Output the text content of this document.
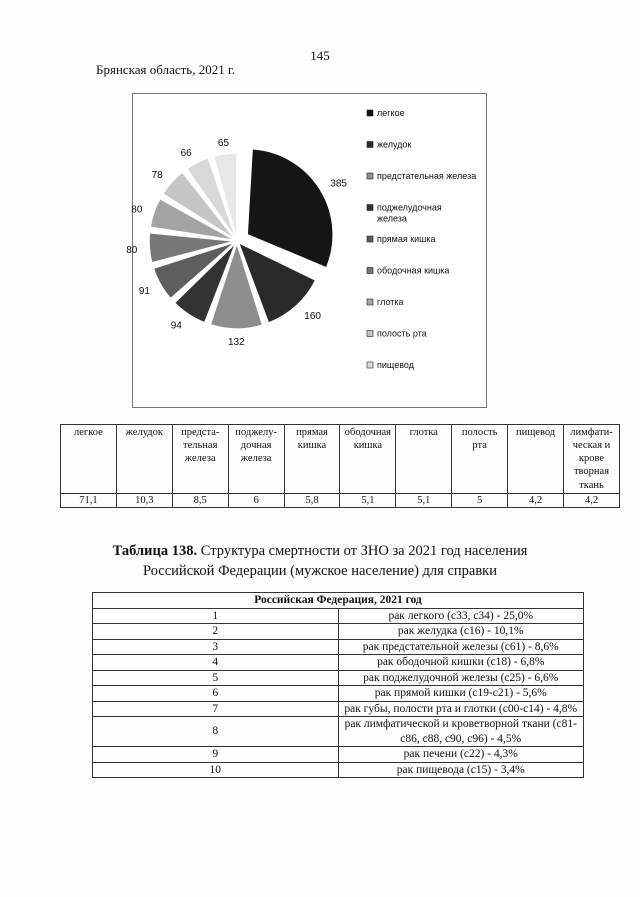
145
Брянская область, 2021 г.
385
160
132
94
91
80
80
78
66
65
легкое
желудок
предстательная железа
поджелудочная железа
прямая кишка
ободочная кишка
глотка
полость рта
пищевод
легкое	желудок	предста-тельная железа	поджелу-дочная железа	прямая кишка	ободочная кишка	глотка	полость рта	пищевод	лимфати-ческая и крове творная ткань
71,1	10,3	8,5	6	5,8	5,1	5,1	5	4,2	4,2
Таблица 138. Структура смертности от ЗНО за 2021 год населения
Российской Федерации (мужское население) для справки
Российская Федерация, 2021 год	
1	рак легкого (с33, с34) - 25,0%
2	рак желудка (с16) - 10,1%
3	рак предстательной железы (с61) - 8,6%
4	рак ободочной кишки (с18) - 6,8%
5	рак поджелудочной железы (с25) - 6,6%
6	рак прямой кишки (с19-с21) - 5,6%
7	рак губы, полости рта и глотки (с00-с14) - 4,8%
8	рак лимфатической и кроветворной ткани (с81-с86, с88, с90, с96) - 4,5%
9	рак печени (с22) - 4,3%
10	рак пищевода (с15) - 3,4%
